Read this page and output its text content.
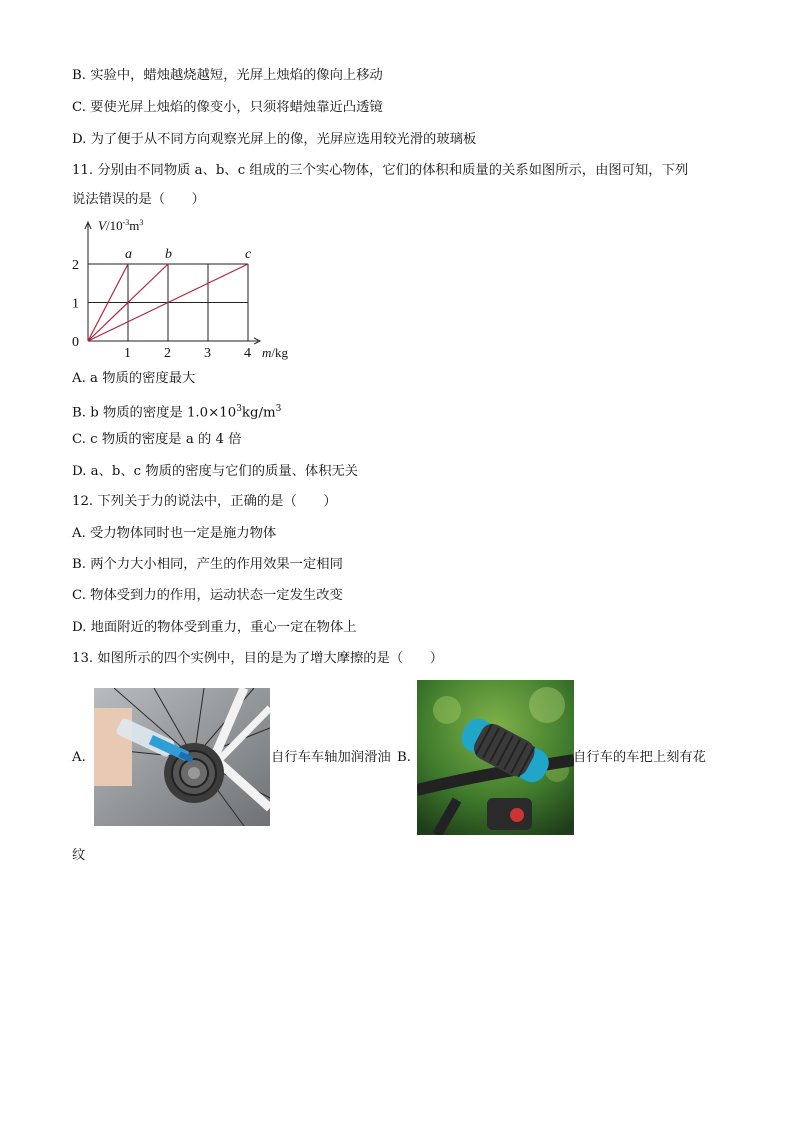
B. 实验中，蜡烛越烧越短，光屏上烛焰的像向上移动
C. 要使光屏上烛焰的像变小，只须将蜡烛靠近凸透镜
D. 为了便于从不同方向观察光屏上的像，光屏应选用较光滑的玻璃板
11. 分别由不同物质 a、b、c 组成的三个实心物体，它们的体积和质量的关系如图所示，由图可知，下列
说法错误的是（　　）
1 2 3 4
1
2
0
a b	c
$V/10^{-3}m^3$
m/kg
A. a 物质的密度最大
B. b 物质的密度是 $1.0\times 10^3kg/m^3$
C. c 物质的密度是 a 的 4 倍
D. a、b、c 物质的密度与它们的质量、体积无关
12. 下列关于力的说法中，正确的是（　　）
A. 受力物体同时也一定是施力物体
B. 两个力大小相同，产生的作用效果一定相同
C. 物体受到力的作用，运动状态一定发生改变
D. 地面附近的物体受到重力，重心一定在物体上
13. 如图所示的四个实例中，目的是为了增大摩擦的是（　　）
A.	自行车车轴加润滑油 B.	自行车的车把上刻有花
纹
